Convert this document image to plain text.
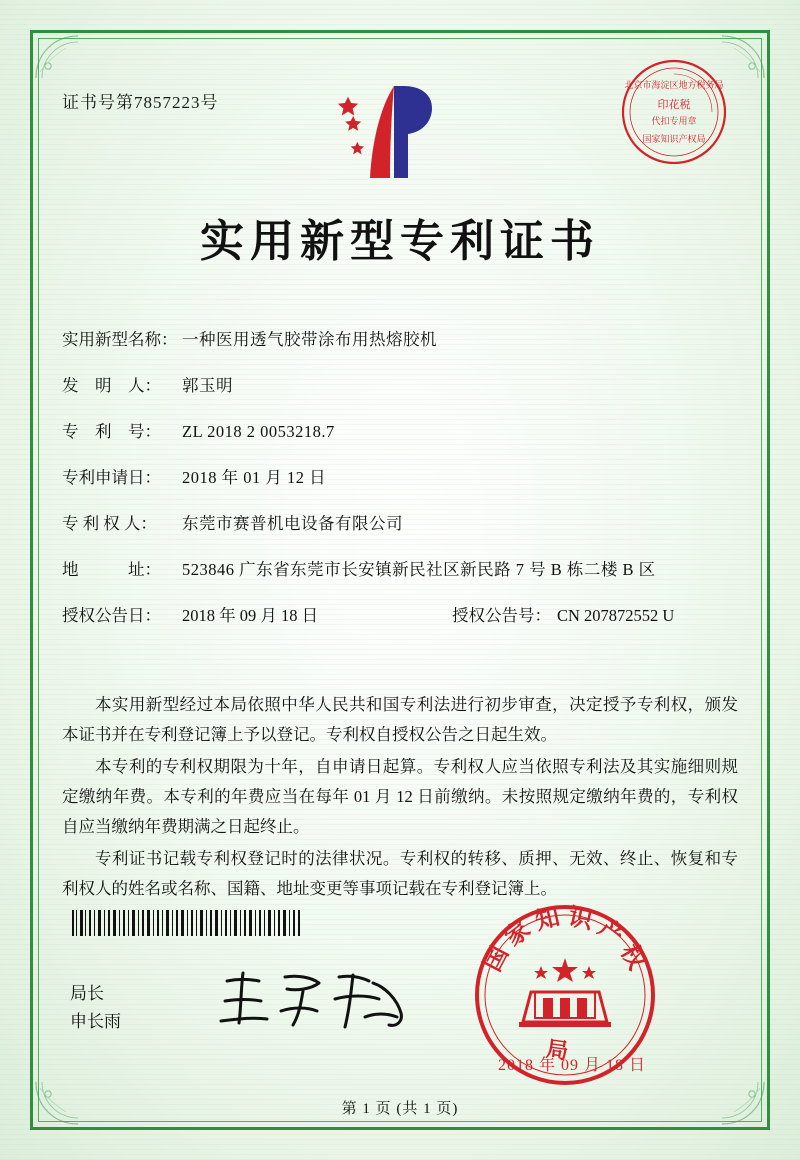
证书号第7857223号
北京市海淀区地方税务局
印花税
代扣专用章
国家知识产权局
实用新型专利证书
实用新型名称： 一种医用透气胶带涂布用热熔胶机
发　明　人：	郭玉明
专　利　号：	ZL 2018 2 0053218.7
专利申请日：	2018 年 01 月 12 日
专 利 权 人：	东莞市赛普机电设备有限公司
地　　　址：	523846 广东省东莞市长安镇新民社区新民路 7 号 B 栋二楼 B 区
授权公告日：	2018 年 09 月 18 日	授权公告号： CN 207872552 U

本实用新型经过本局依照中华人民共和国专利法进行初步审查，决定授予专利权，颁发本证书并在专利登记簿上予以登记。专利权自授权公告之日起生效。

本专利的专利权期限为十年，自申请日起算。专利权人应当依照专利法及其实施细则规定缴纳年费。本专利的年费应当在每年 01 月 12 日前缴纳。未按照规定缴纳年费的，专利权自应当缴纳年费期满之日起终止。

专利证书记载专利权登记时的法律状况。专利权的转移、质押、无效、终止、恢复和专利权人的姓名或名称、国籍、地址变更等事项记载在专利登记簿上。

局长
申长雨
国 家 知 识 产 权
局
2018 年 09 月 18 日
第 1 页 (共 1 页)
